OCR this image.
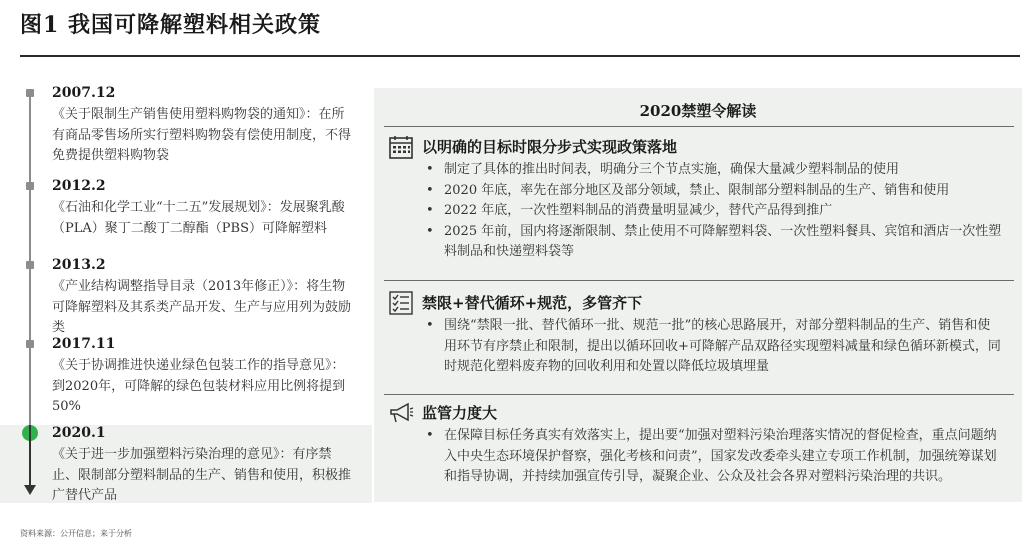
图1 我国可降解塑料相关政策
2007.12
《关于限制生产销售使用塑料购物袋的通知》：在所有商品零售场所实行塑料购物袋有偿使用制度，不得免费提供塑料购物袋
2012.2
《石油和化学工业“十二五”发展规划》：发展聚乳酸（PLA）聚丁二酸丁二醇酯（PBS）可降解塑料
2013.2
《产业结构调整指导目录（2013年修正）》：将生物可降解塑料及其系类产品开发、生产与应用列为鼓励类
2017.11
《关于协调推进快递业绿色包装工作的指导意见》：到2020年，可降解的绿色包装材料应用比例将提到50%
2020.1
《关于进一步加强塑料污染治理的意见》：有序禁止、限制部分塑料制品的生产、销售和使用，积极推广替代产品
2020禁塑令解读
以明确的目标时限分步式实现政策落地
• 制定了具体的推出时间表，明确分三个节点实施，确保大量减少塑料制品的使用
• 2020 年底，率先在部分地区及部分领域，禁止、限制部分塑料制品的生产、销售和使用
• 2022 年底，一次性塑料制品的消费量明显减少，替代产品得到推广
• 2025 年前，国内将逐渐限制、禁止使用不可降解塑料袋、一次性塑料餐具、宾馆和酒店一次性塑料制品和快递塑料袋等
禁限+替代循环+规范，多管齐下
• 围绕“禁限一批、替代循环一批、规范一批”的核心思路展开，对部分塑料制品的生产、销售和使用环节有序禁止和限制，提出以循环回收+可降解产品双路径实现塑料减量和绿色循环新模式，同时规范化塑料废弃物的回收利用和处置以降低垃圾填埋量
监管力度大
• 在保障目标任务真实有效落实上，提出要“加强对塑料污染治理落实情况的督促检查，重点问题纳入中央生态环境保护督察，强化考核和问责”，国家发改委牵头建立专项工作机制，加强统筹谋划和指导协调，并持续加强宣传引导，凝聚企业、公众及社会各界对塑料污染治理的共识。
资料来源：公开信息；来于分析
